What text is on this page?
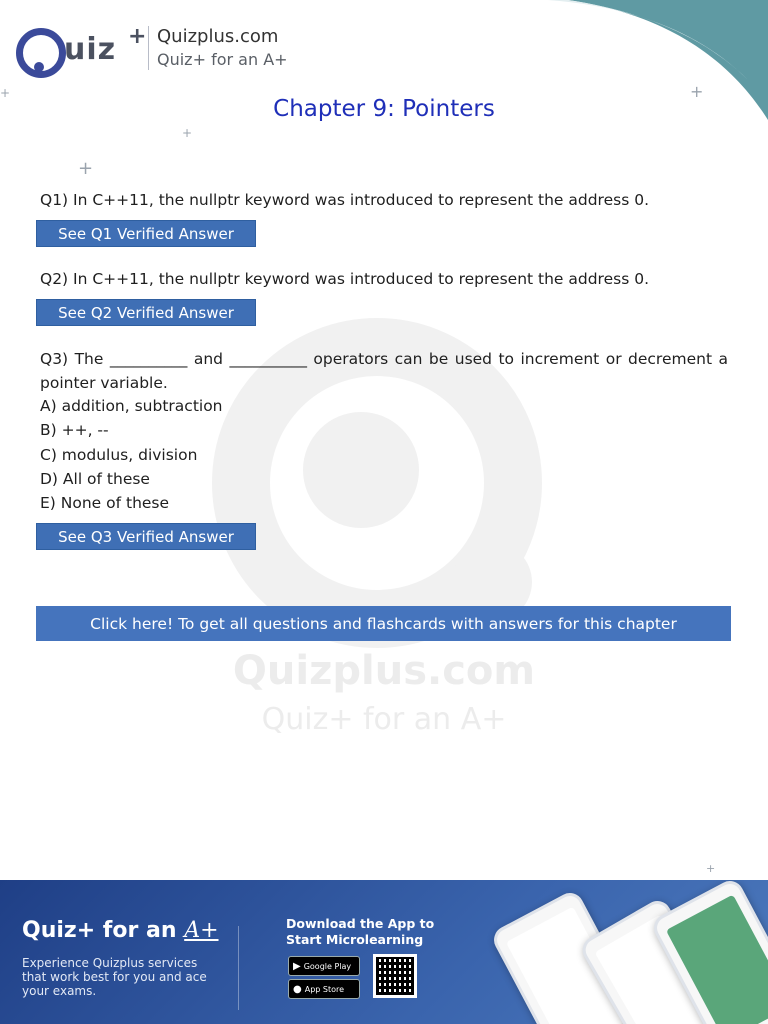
uiz + Quizplus.com
Quiz+ for an A+
+
+
+
+
+
Quizplus.com
Quiz+ for an A+
Chapter 9: Pointers
Q1) In C++11, the nullptr keyword was introduced to represent the address 0.
See Q1 Verified Answer
Q2) In C++11, the nullptr keyword was introduced to represent the address 0.
See Q2 Verified Answer
Q3) The __________ and __________ operators can be used to increment or decrement a pointer variable.
A) addition, subtraction
B) ++, --
C) modulus, division
D) All of these
E) None of these
See Q3 Verified Answer
Click here! To get all questions and flashcards with answers for this chapter
Quiz+ for an A+
Experience Quizplus services that work best for you and ace your exams.
Download the App to Start Microlearning
▶ Google Play
● App Store
